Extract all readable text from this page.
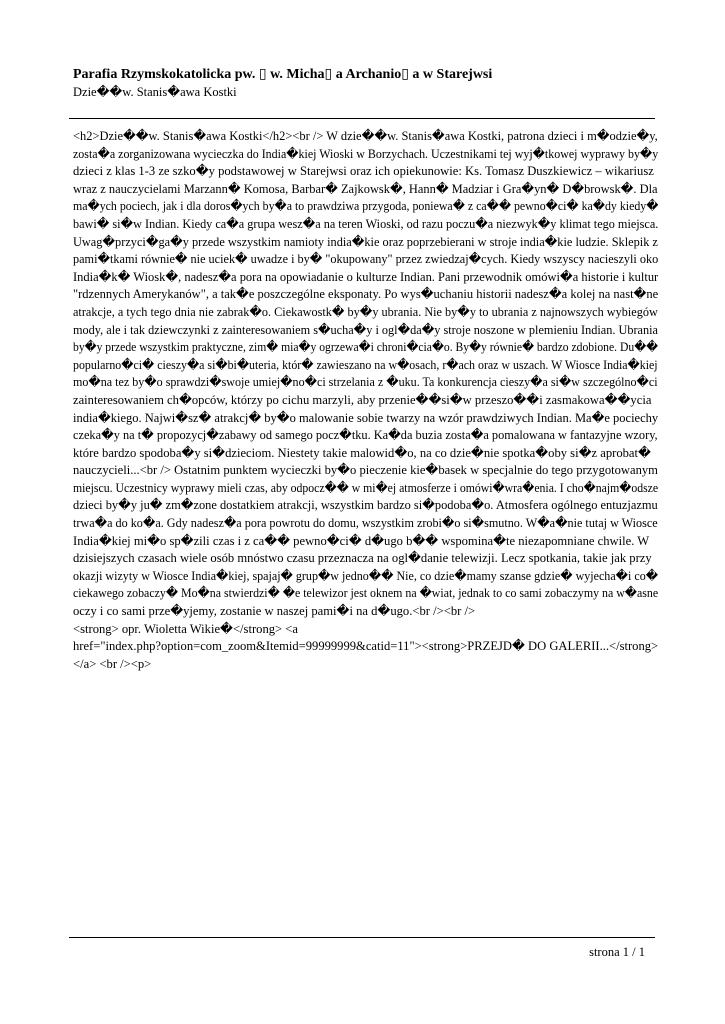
Parafia Rzymskokatolicka pw. ▯ w. Micha▯ a Archanio▯ a w Starejwsi
Dzie��w. Stanis�awa Kostki
<h2>Dzie��w. Stanis�awa Kostki</h2><br /> W dzie��w. Stanis�awa Kostki, patrona dzieci i m�odzie�y,
zosta�a zorganizowana wycieczka do India�kiej Wioski w Borzychach. Uczestnikami tej wyj�tkowej wyprawy by�y
dzieci z klas 1-3 ze szko�y podstawowej w Starejwsi oraz ich opiekunowie: Ks. Tomasz Duszkiewicz – wikariusz
wraz z nauczycielami Marzann� Komosa, Barbar� Zajkowsk�, Hann� Madziar i Gra�yn� D�browsk�. Dla
ma�ych pociech, jak i dla doros�ych by�a to prawdziwa przygoda, poniewa� z ca�� pewno�ci� ka�dy kiedy�
bawi� si�w Indian. Kiedy ca�a grupa wesz�a na teren Wioski, od razu poczu�a niezwyk�y klimat tego miejsca.
Uwag�przyci�ga�y przede wszystkim namioty india�kie oraz poprzebierani w stroje india�kie ludzie. Sklepik z
pami�tkami równie� nie uciek� uwadze i by� "okupowany" przez zwiedzaj�cych. Kiedy wszyscy nacieszyli oko
India�k� Wiosk�, nadesz�a pora na opowiadanie o kulturze Indian. Pani przewodnik omówi�a historie i kultur
"rdzennych Amerykanów", a tak�e poszczególne eksponaty. Po wys�uchaniu historii nadesz�a kolej na nast�ne
atrakcje, a tych tego dnia nie zabrak�o. Ciekawostk� by�y ubrania. Nie by�y to ubrania z najnowszych wybiegów
mody, ale i tak dziewczynki z zainteresowaniem s�ucha�y i ogl�da�y stroje noszone w plemieniu Indian. Ubrania
by�y przede wszystkim praktyczne, zim� mia�y ogrzewa�i chroni�cia�o. By�y równie� bardzo zdobione. Du��
popularno�ci� cieszy�a si�bi�uteria, któr� zawieszano na w�osach, r�ach oraz w uszach. W Wiosce India�kiej
mo�na tez by�o sprawdzi�swoje umiej�no�ci strzelania z �uku. Ta konkurencja cieszy�a si�w szczególno�ci
zainteresowaniem ch�opców, którzy po cichu marzyli, aby przenie��si�w przeszo��i zasmakowa��ycia
india�kiego. Najwi�sz� atrakcj� by�o malowanie sobie twarzy na wzór prawdziwych Indian. Ma�e pociechy
czeka�y na t� propozycj�zabawy od samego pocz�tku. Ka�da buzia zosta�a pomalowana w fantazyjne wzory,
które bardzo spodoba�y si�dzieciom. Niestety takie malowid�o, na co dzie�nie spotka�oby si�z aprobat�
nauczycieli...<br /> Ostatnim punktem wycieczki by�o pieczenie kie�basek w specjalnie do tego przygotowanym
miejscu. Uczestnicy wyprawy mieli czas, aby odpocz�� w mi�ej atmosferze i omówi�wra�enia. I cho�najm�odsze
dzieci by�y ju� zm�zone dostatkiem atrakcji, wszystkim bardzo si�podoba�o. Atmosfera ogólnego entuzjazmu
trwa�a do ko�a. Gdy nadesz�a pora powrotu do domu, wszystkim zrobi�o si�smutno. W�a�nie tutaj w Wiosce
India�kiej mi�o sp�zili czas i z ca�� pewno�ci� d�ugo b�� wspomina�te niezapomniane chwile. W
dzisiejszych czasach wiele osób mnóstwo czasu przeznacza na ogl�danie telewizji. Lecz spotkania, takie jak przy
okazji wizyty w Wiosce India�kiej, spajaj� grup�w jedno�� Nie, co dzie�mamy szanse gdzie� wyjecha�i co�
ciekawego zobaczy� Mo�na stwierdzi� �e telewizor jest oknem na �wiat, jednak to co sami zobaczymy na w�asne
oczy i co sami prze�yjemy, zostanie w naszej pami�i na d�ugo.<br /><br />
<strong> opr. Wioletta Wikie�</strong> <a
href="index.php?option=com_zoom&Itemid=99999999&catid=11"><strong>PRZEJD� DO GALERII...</strong>
</a> <br /><p>
strona 1 / 1
